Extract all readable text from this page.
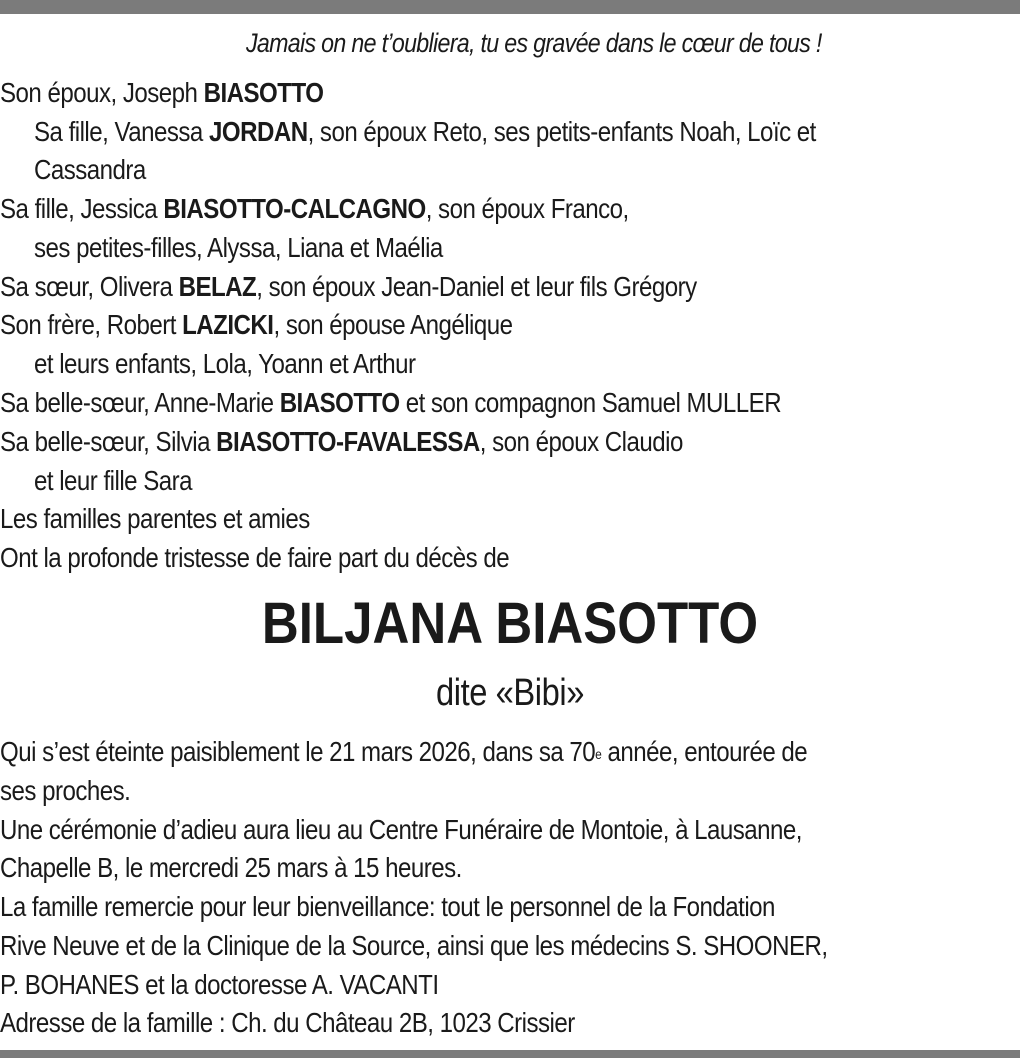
Jamais on ne t’oubliera, tu es gravée dans le cœur de tous !
Son époux, Joseph BIASOTTO
Sa fille, Vanessa JORDAN, son époux Reto, ses petits-enfants Noah, Loïc et
Cassandra
Sa fille, Jessica BIASOTTO-CALCAGNO, son époux Franco,
ses petites-filles, Alyssa, Liana et Maélia
Sa sœur, Olivera BELAZ, son époux Jean-Daniel et leur fils Grégory
Son frère, Robert LAZICKI, son épouse Angélique
et leurs enfants, Lola, Yoann et Arthur
Sa belle-sœur, Anne-Marie BIASOTTO et son compagnon Samuel MULLER
Sa belle-sœur, Silvia BIASOTTO-FAVALESSA, son époux Claudio
et leur fille Sara
Les familles parentes et amies
Ont la profonde tristesse de faire part du décès de
BILJANA BIASOTTO
dite «Bibi»
Qui s’est éteinte paisiblement le 21 mars 2026, dans sa 70e année, entourée de
ses proches.
Une cérémonie d’adieu aura lieu au Centre Funéraire de Montoie, à Lausanne,
Chapelle B, le mercredi 25 mars à 15 heures.
La famille remercie pour leur bienveillance: tout le personnel de la Fondation
Rive Neuve et de la Clinique de la Source, ainsi que les médecins S. SHOONER,
P. BOHANES et la doctoresse A. VACANTI
Adresse de la famille : Ch. du Château 2B, 1023 Crissier
